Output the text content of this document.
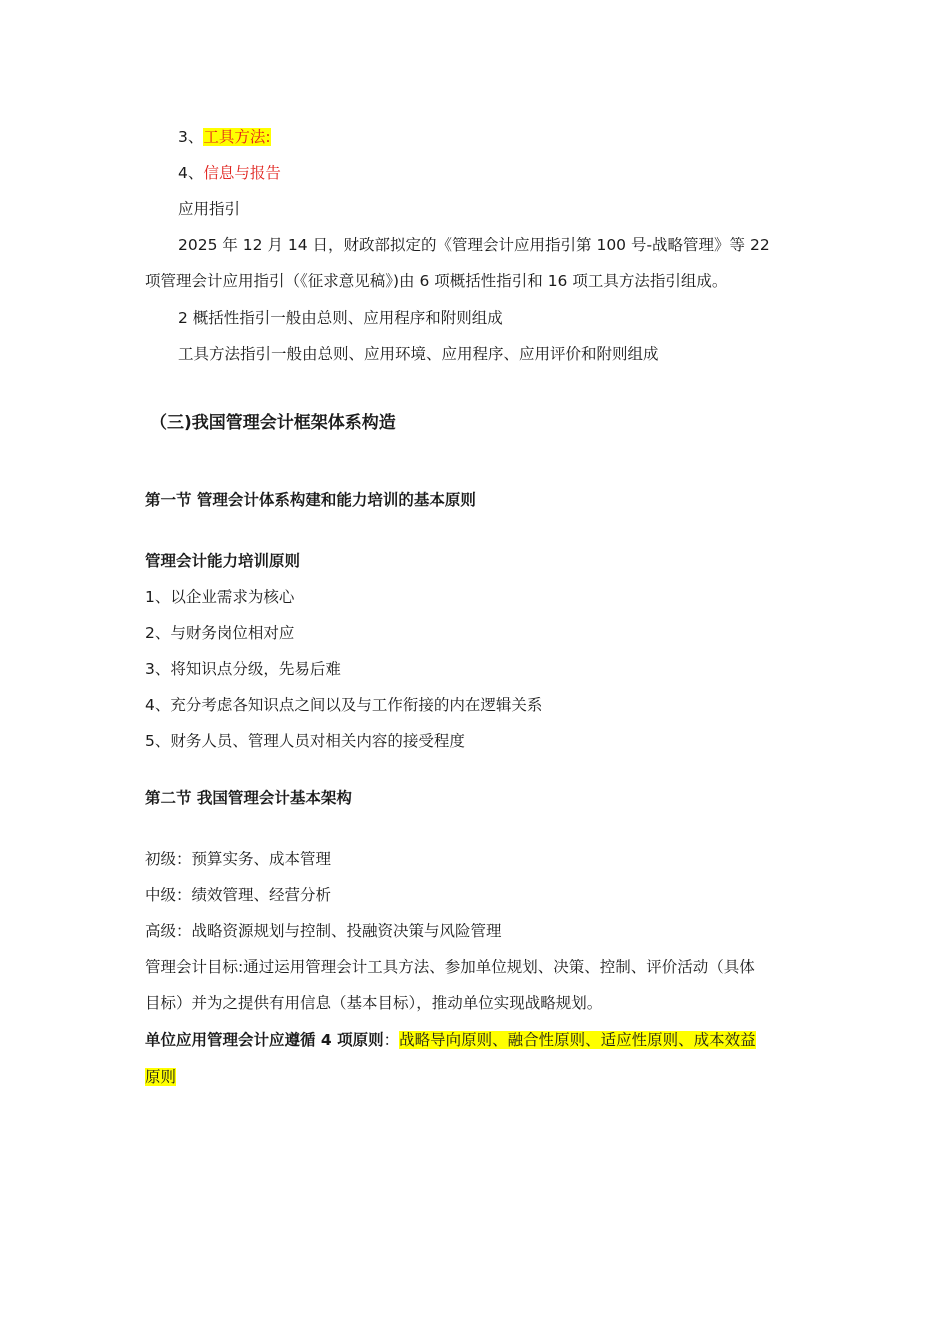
3、工具方法:
4、信息与报告
应用指引
2025 年 12 月 14 日，财政部拟定的《管理会计应用指引第 100 号-战略管理》等 22
项管理会计应用指引（《征求意见稿》)由 6 项概括性指引和 16 项工具方法指引组成。
2 概括性指引一般由总则、应用程序和附则组成
工具方法指引一般由总则、应用环境、应用程序、应用评价和附则组成
（三)我国管理会计框架体系构造
第一节 管理会计体系构建和能力培训的基本原则
管理会计能力培训原则
1、以企业需求为核心
2、与财务岗位相对应
3、将知识点分级，先易后难
4、充分考虑各知识点之间以及与工作衔接的内在逻辑关系
5、财务人员、管理人员对相关内容的接受程度
第二节 我国管理会计基本架构
初级：预算实务、成本管理
中级：绩效管理、经营分析
高级：战略资源规划与控制、投融资决策与风险管理
管理会计目标:通过运用管理会计工具方法、参加单位规划、决策、控制、评价活动（具体
目标）并为之提供有用信息（基本目标），推动单位实现战略规划。
单位应用管理会计应遵循 4 项原则：战略导向原则、融合性原则、适应性原则、成本效益
原则
